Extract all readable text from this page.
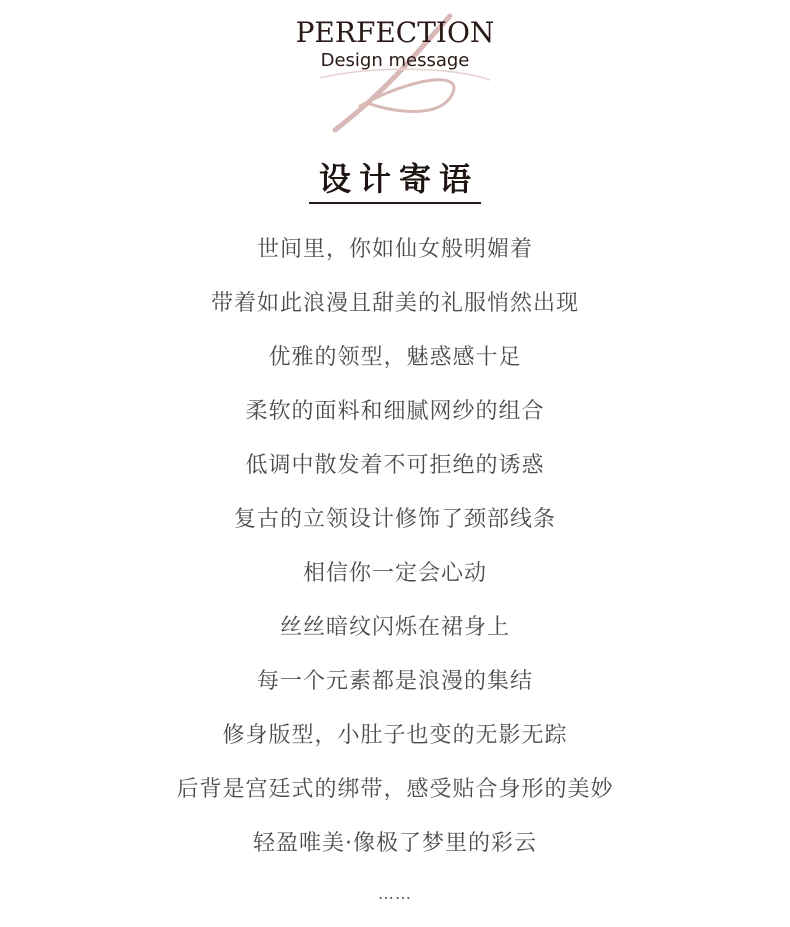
PERFECTION
Design message
设计寄语
世间里，你如仙女般明媚着
带着如此浪漫且甜美的礼服悄然出现
优雅的领型，魅惑感十足
柔软的面料和细腻网纱的组合
低调中散发着不可拒绝的诱惑
复古的立领设计修饰了颈部线条
相信你一定会心动
丝丝暗纹闪烁在裙身上
每一个元素都是浪漫的集结
修身版型，小肚子也变的无影无踪
后背是宫廷式的绑带，感受贴合身形的美妙
轻盈唯美·像极了梦里的彩云
……
